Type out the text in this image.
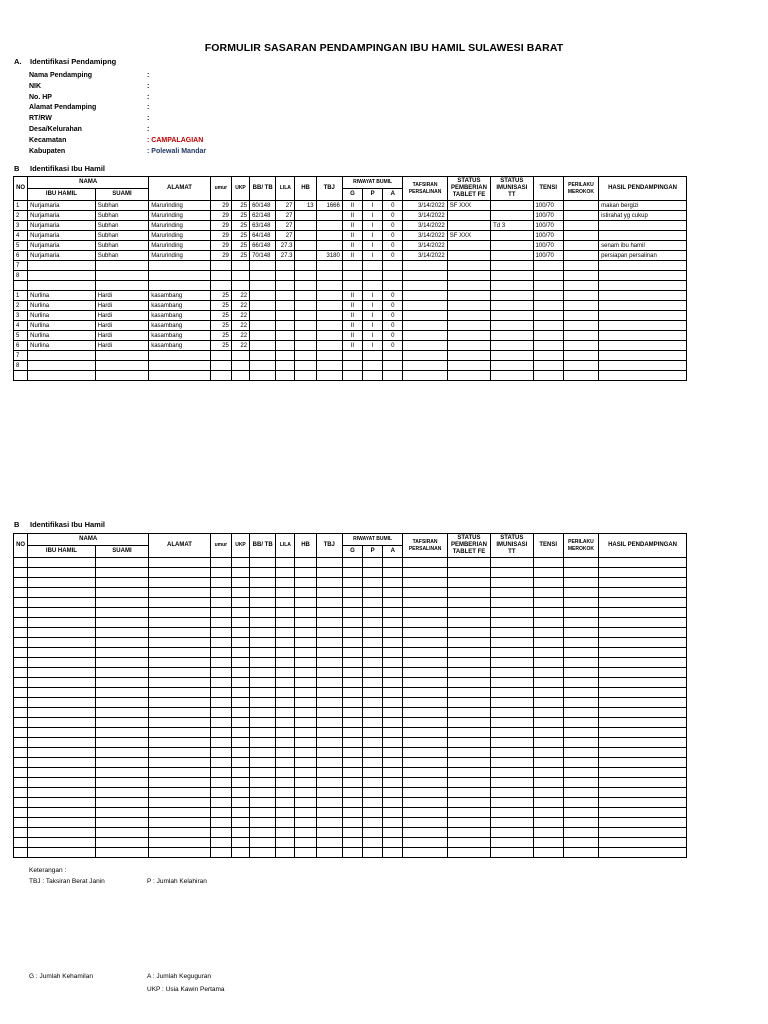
FORMULIR SASARAN PENDAMPINGAN IBU HAMIL SULAWESI BARAT
A. Identifikasi Pendamipng
Nama Pendamping	:
NIK	:
No. HP	:
Alamat Pendamping	:
RT/RW	:
Desa/Kelurahan	:
Kecamatan	: CAMPALAGIAN
Kabupaten	: Polewali Mandar
B Identifikasi Ibu Hamil
NO	NAMA		ALAMAT	umur	UKP	BB/ TB	LILA	HB	TBJ	RIWAYAT BUMIL			TAFSIRAN PERSALINAN	STATUS PEMBERIAN TABLET FE	STATUS IMUNISASI TT	TENSI	PERILAKU MEROKOK	HASIL PENDAMPINGAN
	IBU HAMIL	SUAMI								G	P	A						
1	Nurjamaria	Subhan	Marurinding	29	25	60/148	27	13	1666	II	I	0	3/14/2022	SF XXX		100/70		makan bergizi
2	Nurjamaria	Subhan	Marurinding	29	25	62/148	27			II	I	0	3/14/2022			100/70		istirahat yg cukup
3	Nurjamaria	Subhan	Marurinding	29	25	63/148	27			II	I	0	3/14/2022		Td 3	100/70		
4	Nurjamaria	Subhan	Marurinding	29	25	64/148	27			II	I	0	3/14/2022	SF XXX		100/70		
5	Nurjamaria	Subhan	Marurinding	29	25	66/148	27.3			II	I	0	3/14/2022			100/70		senam ibu hamil
6	Nurjamaria	Subhan	Marurinding	29	25	70/148	27.3		3180	II	I	0	3/14/2022			100/70		persiapan persalinan
7																		
8																		

1	Nurlina	Hardi	kasambang	25	22					II	I	0						
2	Nurlina	Hardi	kasambang	25	22					II	I	0						
3	Nurlina	Hardi	kasambang	25	22					II	I	0						
4	Nurlina	Hardi	kasambang	25	22					II	I	0						
5	Nurlina	Hardi	kasambang	25	22					II	I	0						
6	Nurlina	Hardi	kasambang	25	22					II	I	0						
7																		
8																		

B Identifikasi Ibu Hamil
NO	NAMA		ALAMAT	umur	UKP	BB/ TB	LILA	HB	TBJ	RIWAYAT BUMIL			TAFSIRAN PERSALINAN	STATUS PEMBERIAN TABLET FE	STATUS IMUNISASI TT	TENSI	PERILAKU MEROKOK	HASIL PENDAMPINGAN
	IBU HAMIL	SUAMI								G	P	A						

Keterangan :
TBJ : Taksiran Berat Janin	P : Jumlah Kelahiran
G : Jumlah Kehamilan	A : Jumlah Keguguran
UKP : Usia Kawin Pertama
